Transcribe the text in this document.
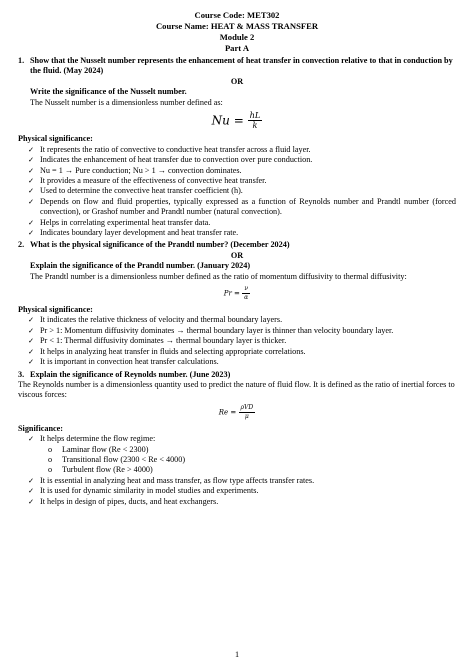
Course Code: MET302
Course Name: HEAT & MASS TRANSFER
Module 2
Part A
1. Show that the Nusselt number represents the enhancement of heat transfer in convection relative to that in conduction by the fluid. (May 2024)
OR
Write the significance of the Nusselt number.
The Nusselt number is a dimensionless number defined as:
$Nu = \frac{hL}{k}$
Physical significance:
✓ It represents the ratio of convective to conductive heat transfer across a fluid layer.
✓ Indicates the enhancement of heat transfer due to convection over pure conduction.
✓ Nu = 1 → Pure conduction; Nu > 1 → convection dominates.
✓ It provides a measure of the effectiveness of convective heat transfer.
✓ Used to determine the convective heat transfer coefficient (h).
✓ Depends on flow and fluid properties, typically expressed as a function of Reynolds number and Prandtl number (forced convection), or Grashof number and Prandtl number (natural convection).
✓ Helps in correlating experimental heat transfer data.
✓ Indicates boundary layer development and heat transfer rate.
2. What is the physical significance of the Prandtl number? (December 2024)
OR
Explain the significance of the Prandtl number. (January 2024)
The Prandtl number is a dimensionless number defined as the ratio of momentum diffusivity to thermal diffusivity:
$Pr = \frac{\nu}{\alpha}$
Physical significance:
✓ It indicates the relative thickness of velocity and thermal boundary layers.
✓ Pr > 1: Momentum diffusivity dominates → thermal boundary layer is thinner than velocity boundary layer.
✓ Pr < 1: Thermal diffusivity dominates → thermal boundary layer is thicker.
✓ It helps in analyzing heat transfer in fluids and selecting appropriate correlations.
✓ It is important in convection heat transfer calculations.
3. Explain the significance of Reynolds number. (June 2023)
The Reynolds number is a dimensionless quantity used to predict the nature of fluid flow. It is defined as the ratio of inertial forces to viscous forces:
$Re = \frac{\text{ρVD}}{\mu}$
Significance:
✓ It helps determine the flow regime:
o	Laminar flow (Re < 2300)
o	Transitional flow (2300 < Re < 4000)
o	Turbulent flow (Re > 4000)
✓ It is essential in analyzing heat and mass transfer, as flow type affects transfer rates.
✓ It is used for dynamic similarity in model studies and experiments.
✓ It helps in design of pipes, ducts, and heat exchangers.
1
